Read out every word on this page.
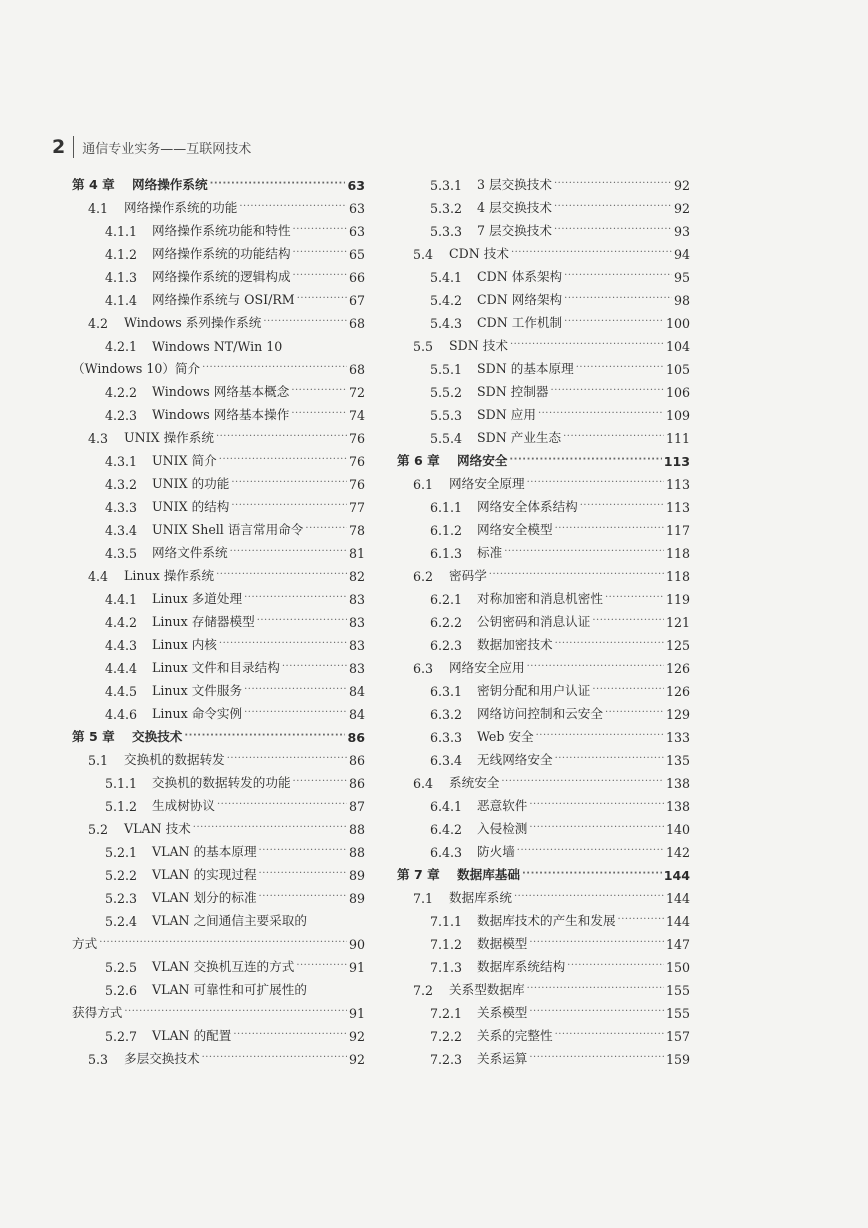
2 通信专业实务——互联网技术
第 4 章	网络操作系统 ·····	63
4.1	网络操作系统的功能 ·····	63
4.1.1	网络操作系统功能和特性 ·····	63
4.1.2	网络操作系统的功能结构 ·····	65
4.1.3	网络操作系统的逻辑构成 ·····	66
4.1.4	网络操作系统与 OSI/RM ·····	67
4.2	Windows 系列操作系统 ·····	68
4.2.1	Windows NT/Win 10
（Windows 10）简介 ·····	68
4.2.2	Windows 网络基本概念 ·····	72
4.2.3	Windows 网络基本操作 ·····	74
4.3	UNIX 操作系统 ·····	76
4.3.1	UNIX 简介 ·····	76
4.3.2	UNIX 的功能 ·····	76
4.3.3	UNIX 的结构 ·····	77
4.3.4	UNIX Shell 语言常用命令 ·····	78
4.3.5	网络文件系统 ·····	81
4.4	Linux 操作系统 ·····	82
4.4.1	Linux 多道处理 ·····	83
4.4.2	Linux 存储器模型 ·····	83
4.4.3	Linux 内核 ·····	83
4.4.4	Linux 文件和目录结构 ·····	83
4.4.5	Linux 文件服务 ·····	84
4.4.6	Linux 命令实例 ·····	84
第 5 章	交换技术 ·····	86
5.1	交换机的数据转发 ·····	86
5.1.1	交换机的数据转发的功能 ·····	86
5.1.2	生成树协议 ·····	87
5.2	VLAN 技术 ·····	88
5.2.1	VLAN 的基本原理 ·····	88
5.2.2	VLAN 的实现过程 ·····	89
5.2.3	VLAN 划分的标准 ·····	89
5.2.4	VLAN 之间通信主要采取的
方式 ·····	90
5.2.5	VLAN 交换机互连的方式 ·····	91
5.2.6	VLAN 可靠性和可扩展性的
获得方式 ·····	91
5.2.7	VLAN 的配置 ·····	92
5.3	多层交换技术 ·····	92
5.3.1	3 层交换技术 ·····	92
5.3.2	4 层交换技术 ·····	92
5.3.3	7 层交换技术 ·····	93
5.4	CDN 技术 ·····	94
5.4.1	CDN 体系架构 ·····	95
5.4.2	CDN 网络架构 ·····	98
5.4.3	CDN 工作机制 ·····	100
5.5	SDN 技术 ·····	104
5.5.1	SDN 的基本原理 ·····	105
5.5.2	SDN 控制器 ·····	106
5.5.3	SDN 应用 ·····	109
5.5.4	SDN 产业生态 ·····	111
第 6 章	网络安全 ·····	113
6.1	网络安全原理 ·····	113
6.1.1	网络安全体系结构 ·····	113
6.1.2	网络安全模型 ·····	117
6.1.3	标准 ·····	118
6.2	密码学 ·····	118
6.2.1	对称加密和消息机密性 ·····	119
6.2.2	公钥密码和消息认证 ·····	121
6.2.3	数据加密技术 ·····	125
6.3	网络安全应用 ·····	126
6.3.1	密钥分配和用户认证 ·····	126
6.3.2	网络访问控制和云安全 ·····	129
6.3.3	Web 安全 ·····	133
6.3.4	无线网络安全 ·····	135
6.4	系统安全 ·····	138
6.4.1	恶意软件 ·····	138
6.4.2	入侵检测 ·····	140
6.4.3	防火墙 ·····	142
第 7 章	数据库基础 ·····	144
7.1	数据库系统 ·····	144
7.1.1	数据库技术的产生和发展 ·····	144
7.1.2	数据模型 ·····	147
7.1.3	数据库系统结构 ·····	150
7.2	关系型数据库 ·····	155
7.2.1	关系模型 ·····	155
7.2.2	关系的完整性 ·····	157
7.2.3	关系运算 ·····	159
